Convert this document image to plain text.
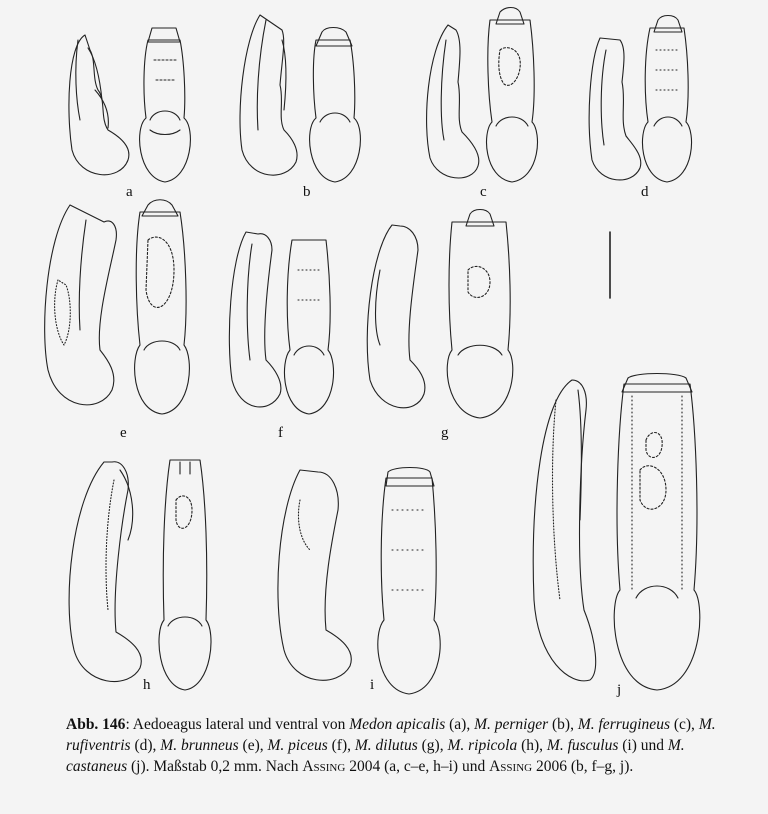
a	b	c	d
e	f	g
h	i	j
Abb. 146: Aedoeagus lateral und ventral von Medon apicalis (a), M. perniger (b), M. ferrugineus (c), M. rufiventris (d), M. brunneus (e), M. piceus (f), M. dilutus (g), M. ripicola (h), M. fusculus (i) und M. castaneus (j). Maßstab 0,2 mm. Nach Assing 2004 (a, c–e, h–i) und Assing 2006 (b, f–g, j).
